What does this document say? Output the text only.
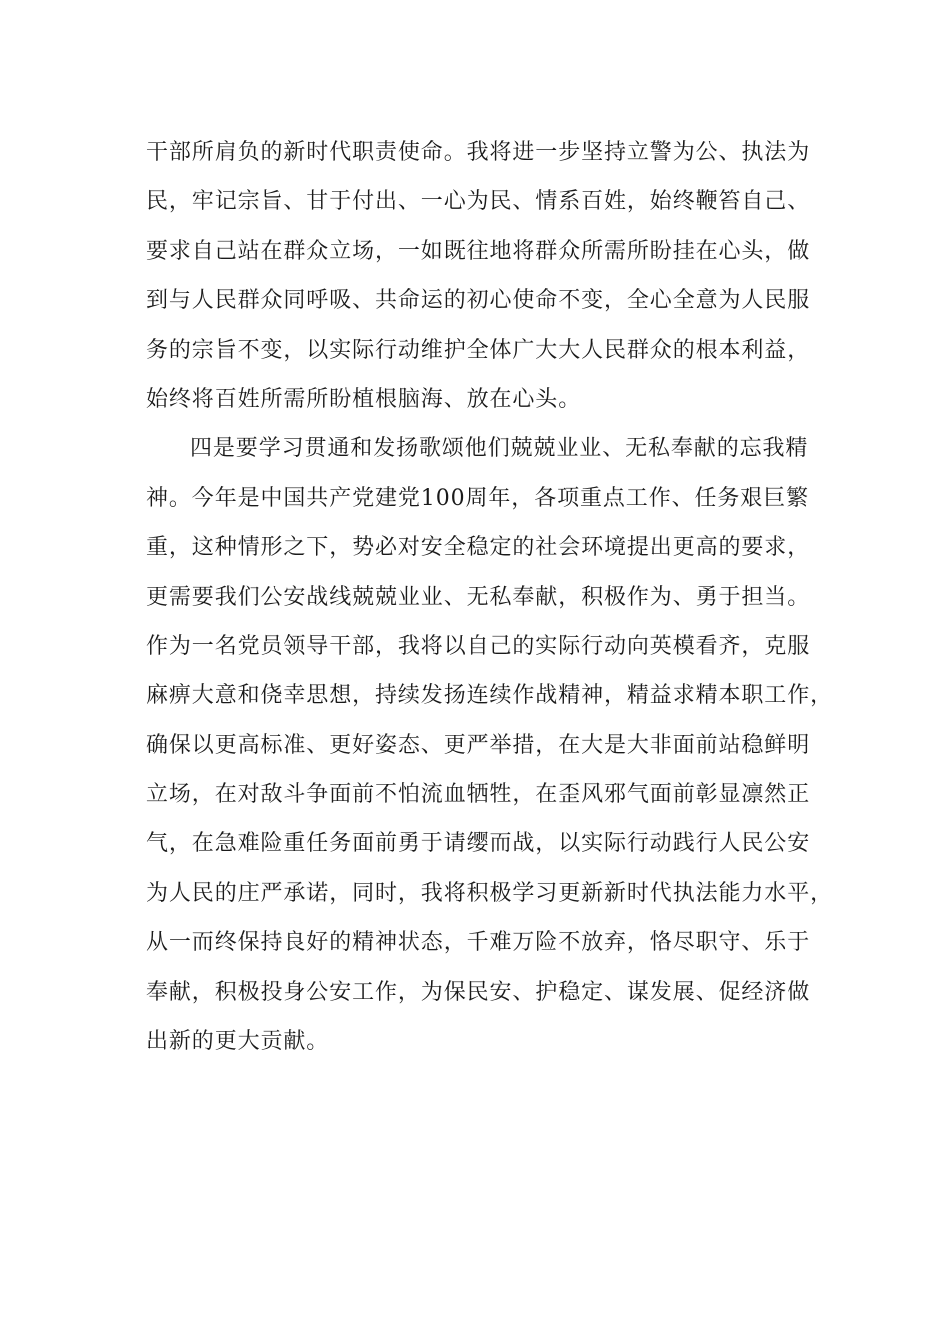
干部所肩负的新时代职责使命。我将进一步坚持立警为公、执法为
民，牢记宗旨、甘于付出、一心为民、情系百姓，始终鞭笞自己、
要求自己站在群众立场，一如既往地将群众所需所盼挂在心头，做
到与人民群众同呼吸、共命运的初心使命不变，全心全意为人民服
务的宗旨不变，以实际行动维护全体广大大人民群众的根本利益，
始终将百姓所需所盼植根脑海、放在心头。
四是要学习贯通和发扬歌颂他们兢兢业业、无私奉献的忘我精
神。今年是中国共产党建党100周年，各项重点工作、任务艰巨繁
重，这种情形之下，势必对安全稳定的社会环境提出更高的要求，
更需要我们公安战线兢兢业业、无私奉献，积极作为、勇于担当。
作为一名党员领导干部，我将以自己的实际行动向英模看齐，克服
麻痹大意和侥幸思想，持续发扬连续作战精神，精益求精本职工作，
确保以更高标准、更好姿态、更严举措，在大是大非面前站稳鲜明
立场，在对敌斗争面前不怕流血牺牲，在歪风邪气面前彰显凛然正
气，在急难险重任务面前勇于请缨而战，以实际行动践行人民公安
为人民的庄严承诺，同时，我将积极学习更新新时代执法能力水平，
从一而终保持良好的精神状态，千难万险不放弃，恪尽职守、乐于
奉献，积极投身公安工作，为保民安、护稳定、谋发展、促经济做
出新的更大贡献。
